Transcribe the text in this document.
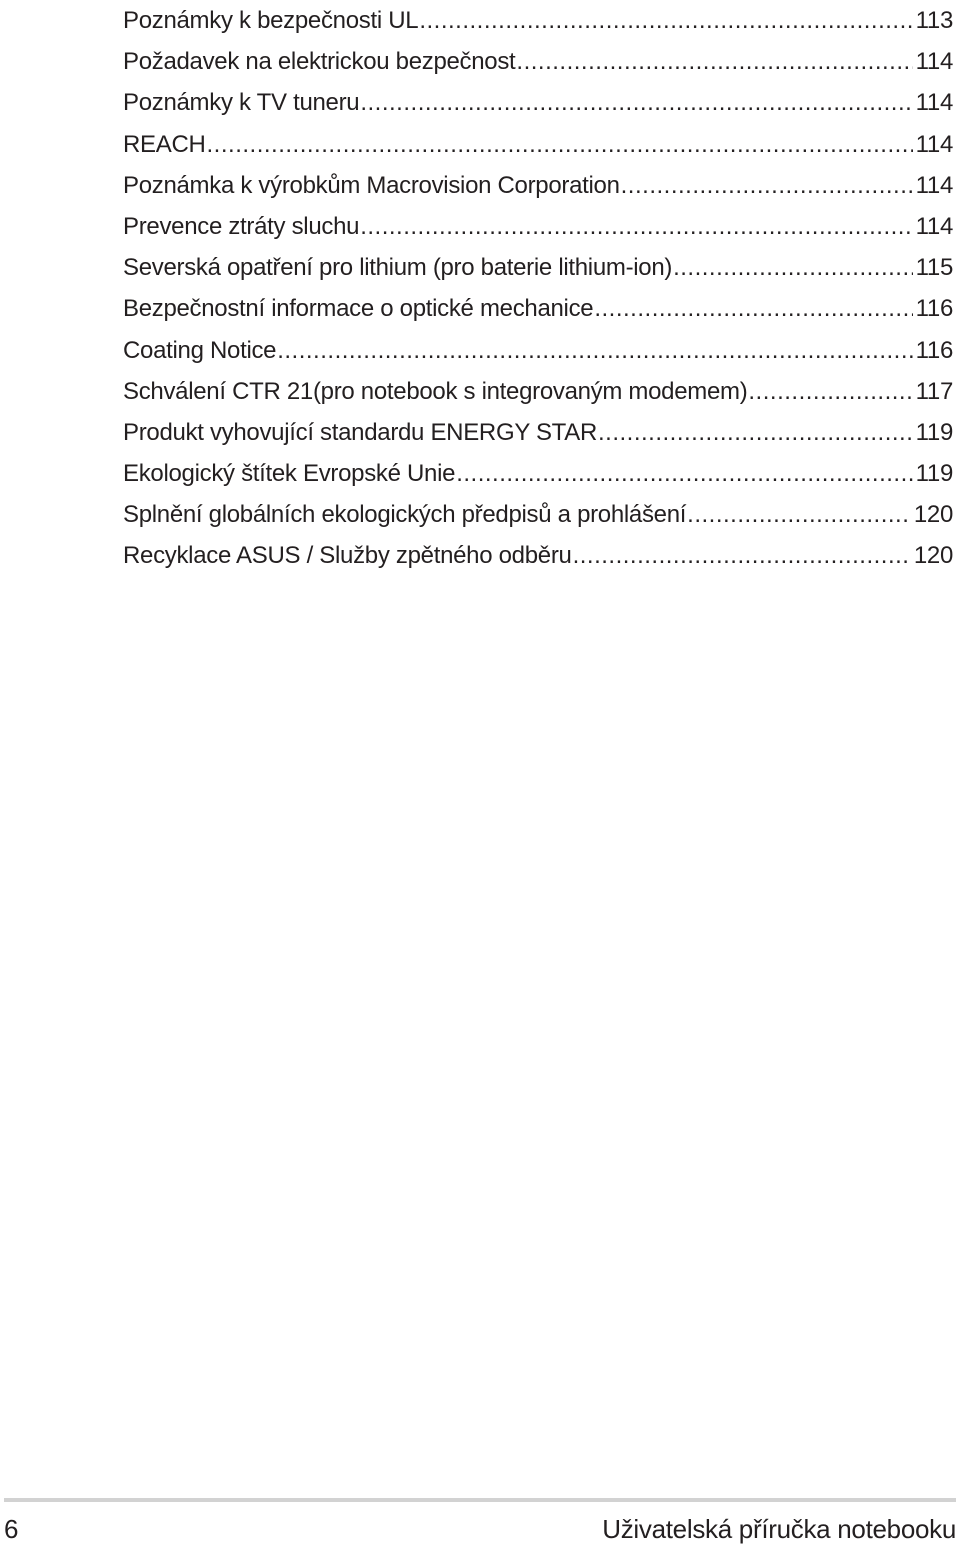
Poznámky k bezpečnosti UL .....	113
Požadavek na elektrickou bezpečnost .....	114
Poznámky k TV tuneru .....	114
REACH .....	114
Poznámka k výrobkům Macrovision Corporation .....	114
Prevence ztráty sluchu .....	114
Severská opatření pro lithium (pro baterie lithium-ion) .....	115
Bezpečnostní informace o optické mechanice .....	116
Coating Notice .....	116
Schválení CTR 21(pro notebook s integrovaným modemem) .....	117
Produkt vyhovující standardu ENERGY STAR .....	119
Ekologický štítek Evropské Unie .....	119
Splnění globálních ekologických předpisů a prohlášení .....	120
Recyklace ASUS / Služby zpětného odběru .....	120
6	Uživatelská příručka notebooku
